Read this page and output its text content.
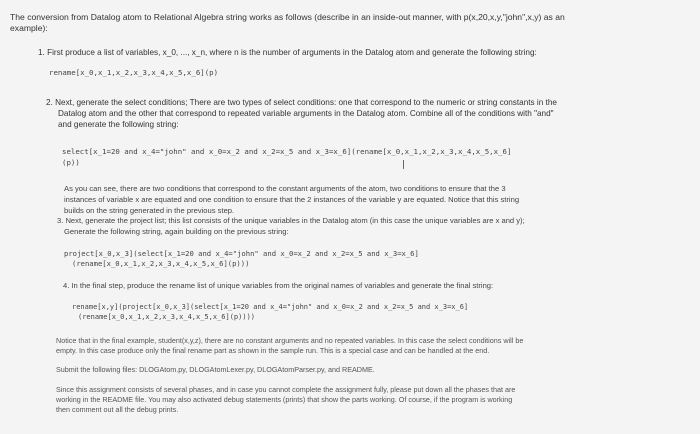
The conversion from Datalog atom to Relational Algebra string works as follows (describe in an inside-out manner, with p(x,20,x,y,"john",x,y) as an
example):
1. First produce a list of variables, x_0, ..., x_n, where n is the number of arguments in the Datalog atom and generate the following string:
rename[x_0,x_1,x_2,x_3,x_4,x_5,x_6](p)
2. Next, generate the select conditions; There are two types of select conditions: one that correspond to the numeric or string constants in the
Datalog atom and the other that correspond to repeated variable arguments in the Datalog atom. Combine all of the conditions with "and"
and generate the following string:
select[x_1=20 and x_4="john" and x_0=x_2 and x_2=x_5 and x_3=x_6](rename[x_0,x_1,x_2,x_3,x_4,x_5,x_6]
(p))
As you can see, there are two conditions that correspond to the constant arguments of the atom, two conditions to ensure that the 3
instances of variable x are equated and one condition to ensure that the 2 instances of the variable y are equated. Notice that this string
builds on the string generated in the previous step.
3. Next, generate the project list; this list consists of the unique variables in the Datalog atom (in this case the unique variables are x and y);
Generate the following string, again building on the previous string:
project[x_0,x_3](select[x_1=20 and x_4="john" and x_0=x_2 and x_2=x_5 and x_3=x_6]
(rename[x_0,x_1,x_2,x_3,x_4,x_5,x_6](p)))
4. In the final step, produce the rename list of unique variables from the original names of variables and generate the final string:
rename[x,y](project[x_0,x_3](select[x_1=20 and x_4="john" and x_0=x_2 and x_2=x_5 and x_3=x_6]
(rename[x_0,x_1,x_2,x_3,x_4,x_5,x_6](p))))
Notice that in the final example, student(x,y,z), there are no constant arguments and no repeated variables. In this case the select conditions will be
empty. In this case produce only the final rename part as shown in the sample run. This is a special case and can be handled at the end.
Submit the following files: DLOGAtom.py, DLOGAtomLexer.py, DLOGAtomParser.py, and README.
Since this assignment consists of several phases, and in case you cannot complete the assignment fully, please put down all the phases that are
working in the README file. You may also activated debug statements (prints) that show the parts working. Of course, if the program is working
then comment out all the debug prints.
